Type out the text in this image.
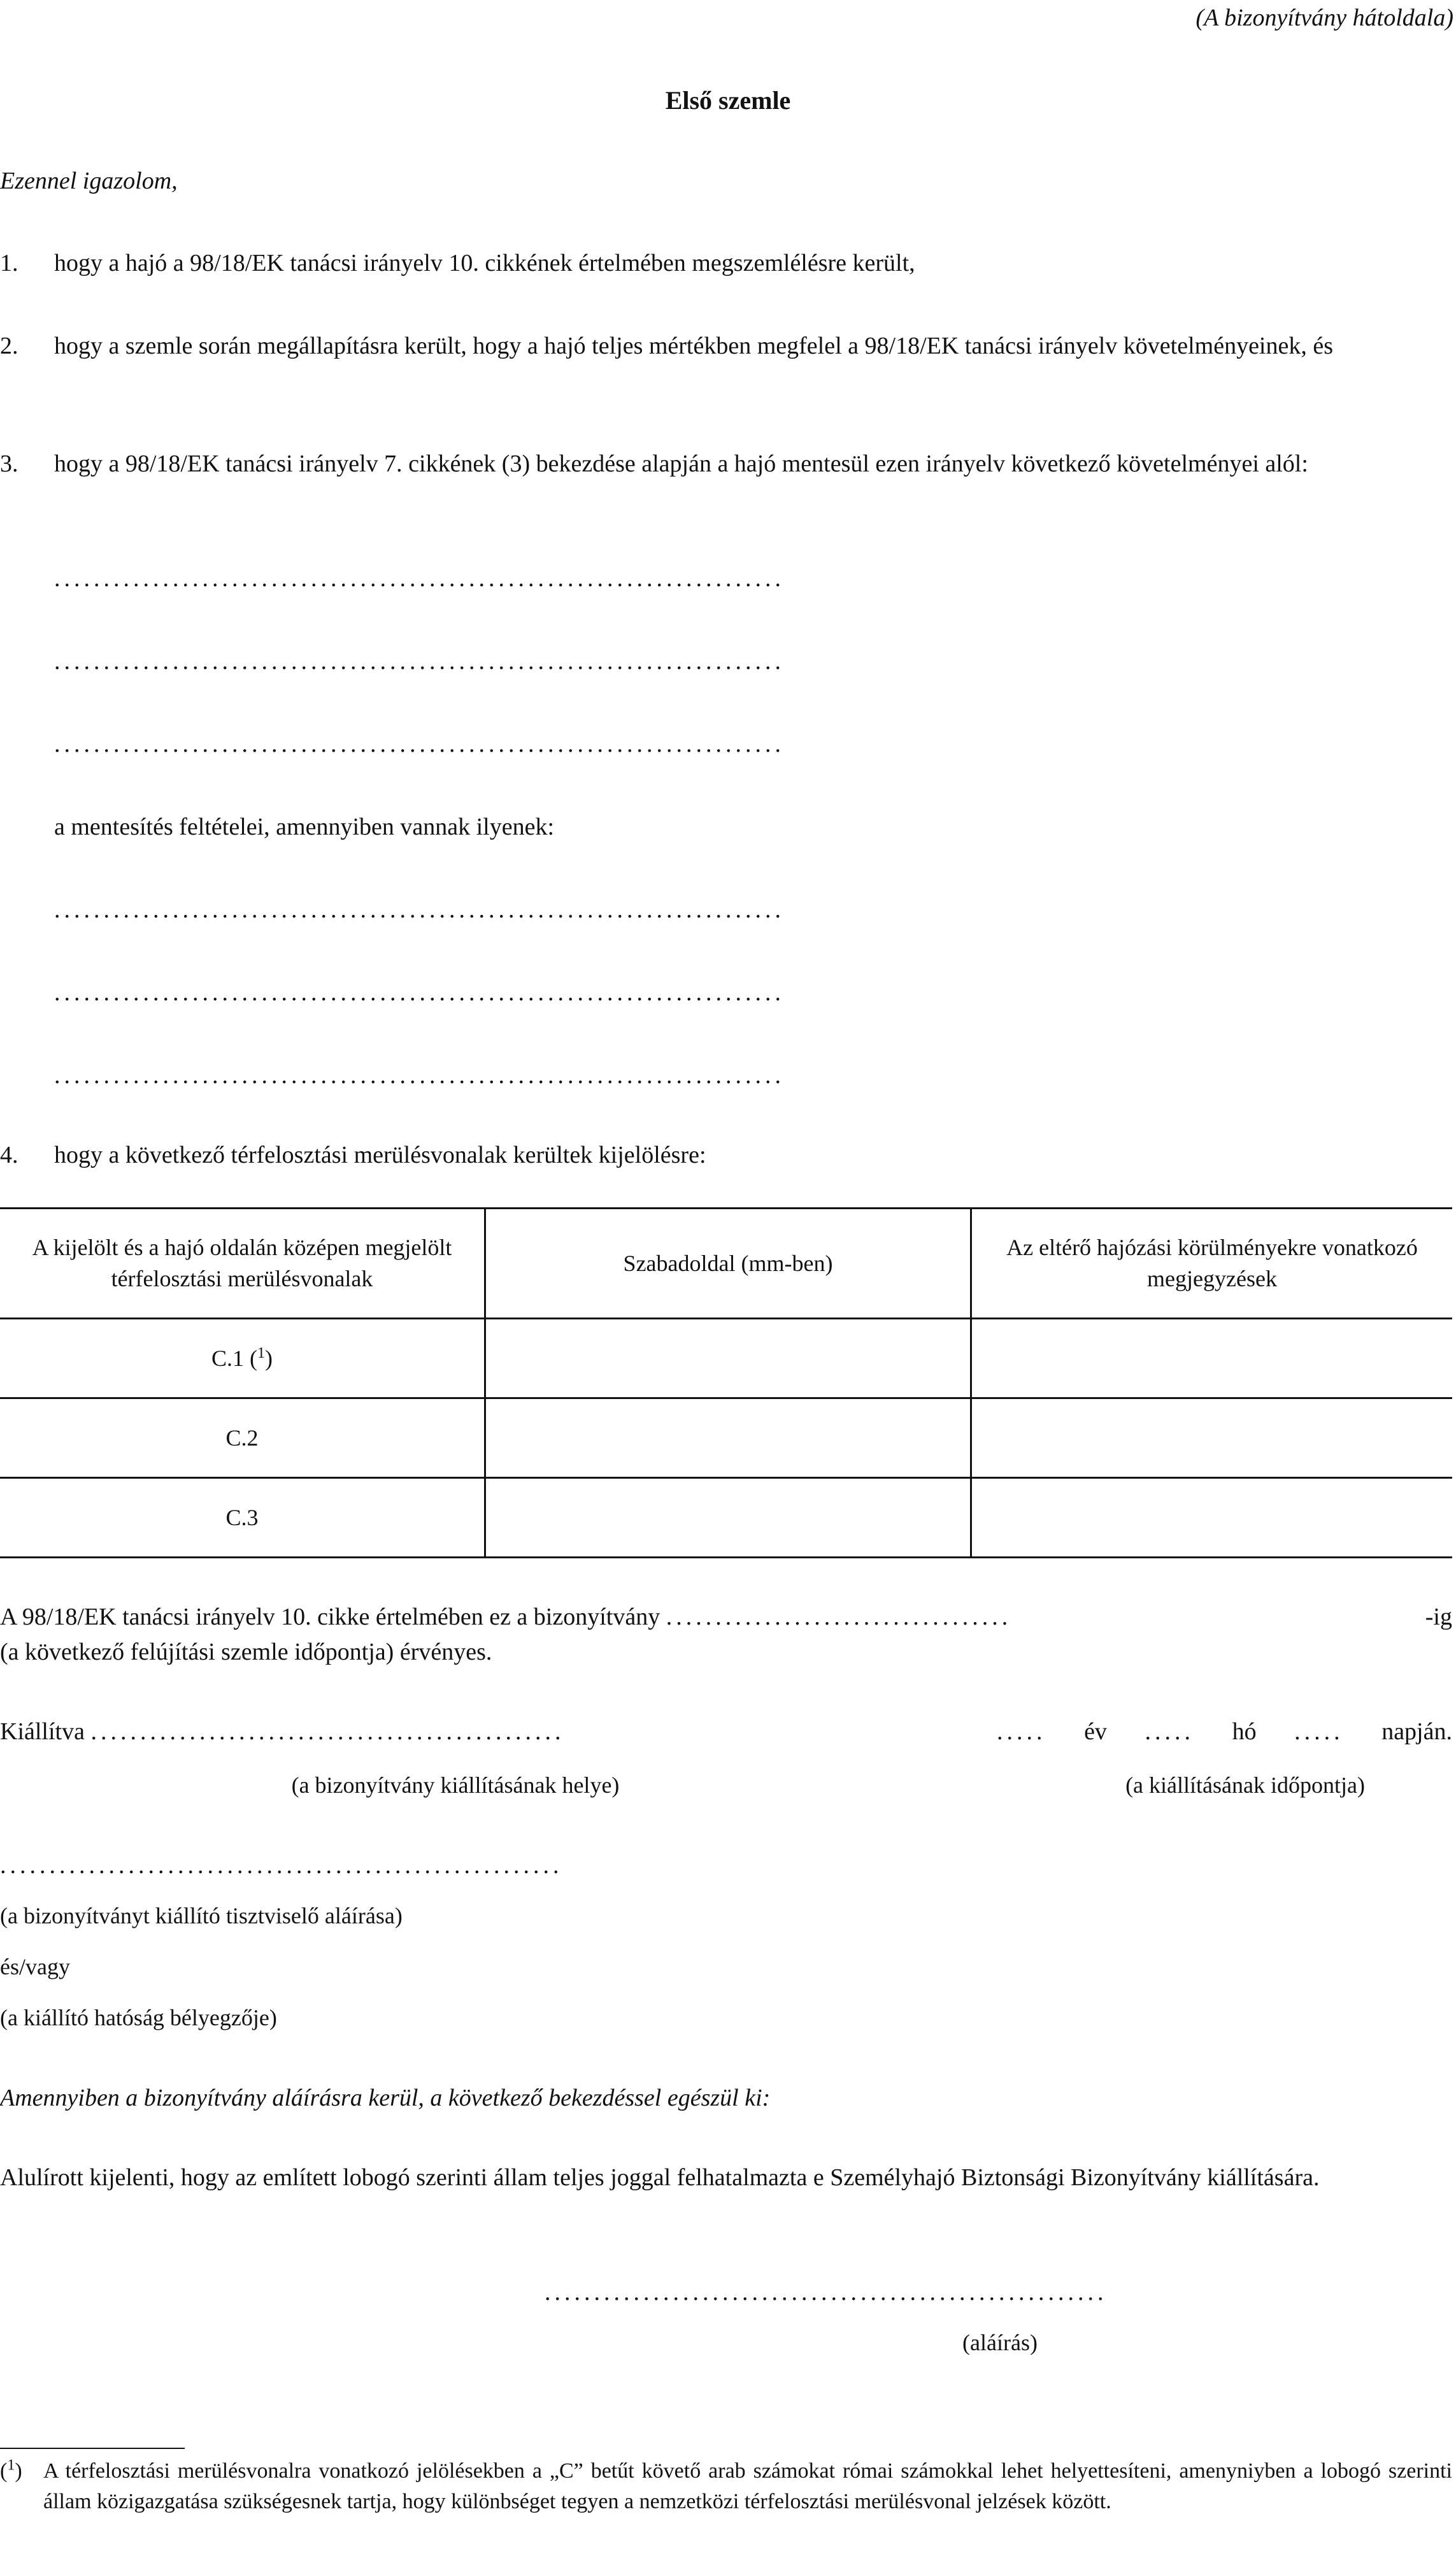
(A bizonyítvány hátoldala)
Első szemle
Ezennel igazolom,
1. hogy a hajó a 98/18/EK tanácsi irányelv 10. cikkének értelmében megszemlélésre került,
2. hogy a szemle során megállapításra került, hogy a hajó teljes mértékben megfelel a 98/18/EK tanácsi irányelv követelményeinek, és
3. hogy a 98/18/EK tanácsi irányelv 7. cikkének (3) bekezdése alapján a hajó mentesül ezen irányelv következő követelményei alól:
..........................................................................
..........................................................................
..........................................................................
a mentesítés feltételei, amennyiben vannak ilyenek:
..........................................................................
..........................................................................
..........................................................................
4. hogy a következő térfelosztási merülésvonalak kerültek kijelölésre:
A kijelölt és a hajó oldalán középen megjelölt térfelosztási merülésvonalak	Szabadoldal (mm-ben)	Az eltérő hajózási körülményekre vonatkozó megjegyzések
C.1 ($^1$)		
C.2		
C.3		
A 98/18/EK tanácsi irányelv 10. cikke értelmében ez a bizonyítvány ...................................	-ig
(a következő felújítási szemle időpontja) érvényes.
Kiállítva ................................................	..... év ..... hó ..... napján.
(a bizonyítvány kiállításának helye)	(a kiállításának időpontja)
.........................................................
(a bizonyítványt kiállító tisztviselő aláírása)
és/vagy
(a kiállító hatóság bélyegzője)
Amennyiben a bizonyítvány aláírásra kerül, a következő bekezdéssel egészül ki:
Alulírott kijelenti, hogy az említett lobogó szerinti állam teljes joggal felhatalmazta e Személyhajó Biztonsági Bizonyítvány kiállítására.
.........................................................
(aláírás)
($^1$) A térfelosztási merülésvonalra vonatkozó jelölésekben a „C” betűt követő arab számokat római számokkal lehet helyettesíteni, amenyniyben a lobogó szerinti állam közigazgatása szükségesnek tartja, hogy különbséget tegyen a nemzetközi térfelosztási merülésvonal jelzések között.
